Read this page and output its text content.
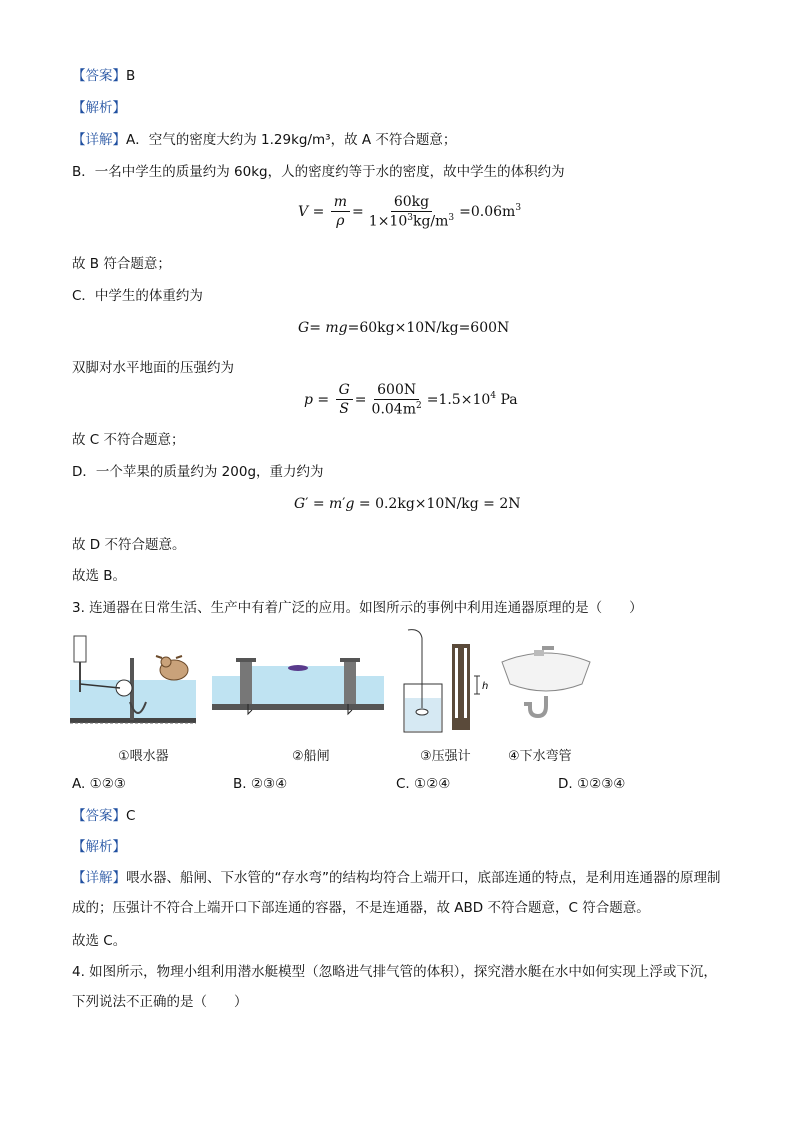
【答案】B
【解析】
【详解】A．空气的密度大约为 1.29kg/m³，故 A 不符合题意；
B．一名中学生的质量约为 60kg，人的密度约等于水的密度，故中学生的体积约为
$V = \frac{m}{\rho} = \frac{60kg}{1\times 10^3kg/m^3} =0.06m^3$
故 B 符合题意；
C．中学生的体重约为
G= mg=60kg×10N/kg=600N
双脚对水平地面的压强约为
$p = \frac{G}{S} = \frac{600N}{0.04m^2} =1.5\times 10^4$ Pa
故 C 不符合题意；
D．一个苹果的质量约为 200g，重力约为
G′ = m′g = 0.2kg×10N/kg = 2N
故 D 不符合题意。
故选 B。
3. 连通器在日常生活、生产中有着广泛的应用。如图所示的事例中利用连通器原理的是（　　）
h
①喂水器	②船闸	③压强计	④下水弯管
A. ①②③	B. ②③④	C. ①②④	D. ①②③④
【答案】C
【解析】
【详解】喂水器、船闸、下水管的“存水弯”的结构均符合上端开口，底部连通的特点，是利用连通器的原理制成的；压强计不符合上端开口下部连通的容器，不是连通器，故 ABD 不符合题意，C 符合题意。
故选 C。
4. 如图所示，物理小组利用潜水艇模型（忽略进气排气管的体积），探究潜水艇在水中如何实现上浮或下沉，下列说法不正确的是（　　）
